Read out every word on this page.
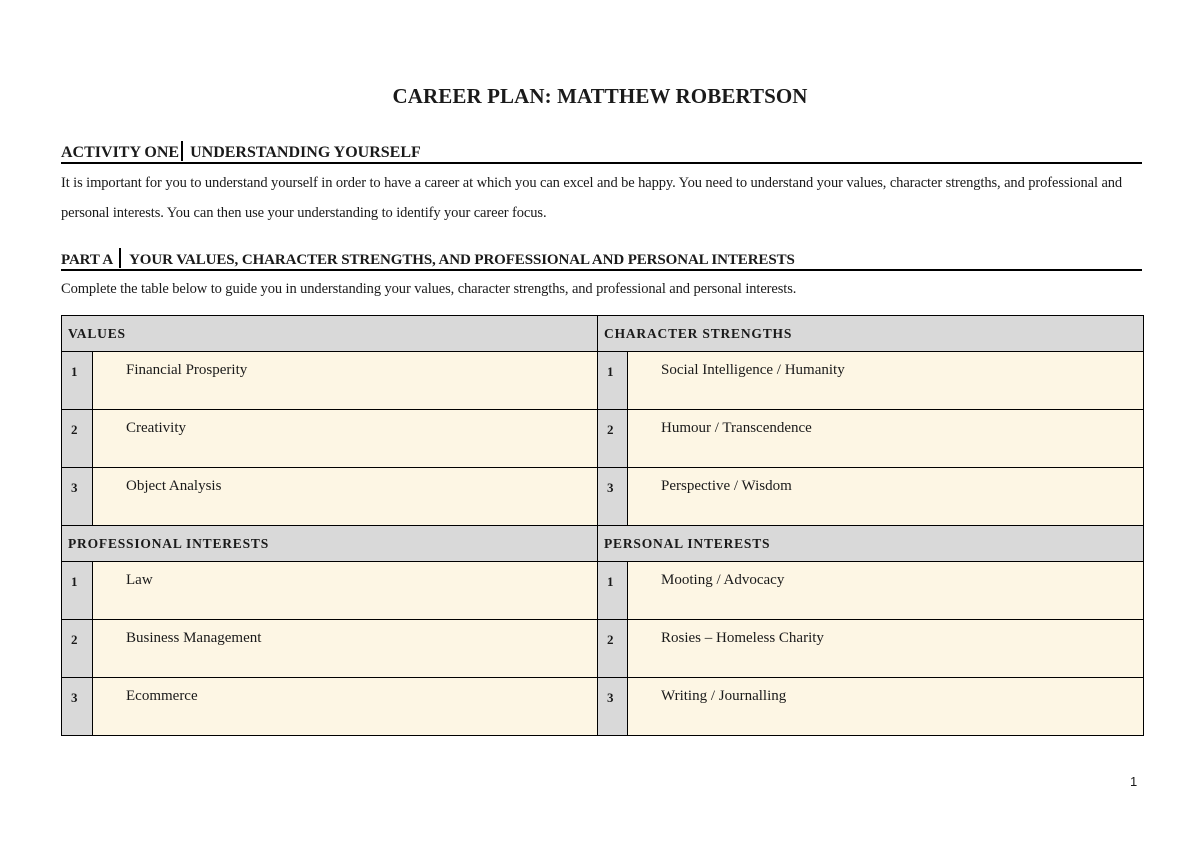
CAREER PLAN: MATTHEW ROBERTSON
ACTIVITY ONE UNDERSTANDING YOURSELF
It is important for you to understand yourself in order to have a career at which you can excel and be happy. You need to understand your values, character strengths, and professional and personal interests. You can then use your understanding to identify your career focus.
PART A YOUR VALUES, CHARACTER STRENGTHS, AND PROFESSIONAL AND PERSONAL INTERESTS
Complete the table below to guide you in understanding your values, character strengths, and professional and personal interests.
VALUES		CHARACTER STRENGTHS	
1	Financial Prosperity	1	Social Intelligence / Humanity
2	Creativity	2	Humour / Transcendence
3	Object Analysis	3	Perspective / Wisdom
PROFESSIONAL INTERESTS		PERSONAL INTERESTS	
1	Law	1	Mooting / Advocacy
2	Business Management	2	Rosies – Homeless Charity
3	Ecommerce	3	Writing / Journalling
1
